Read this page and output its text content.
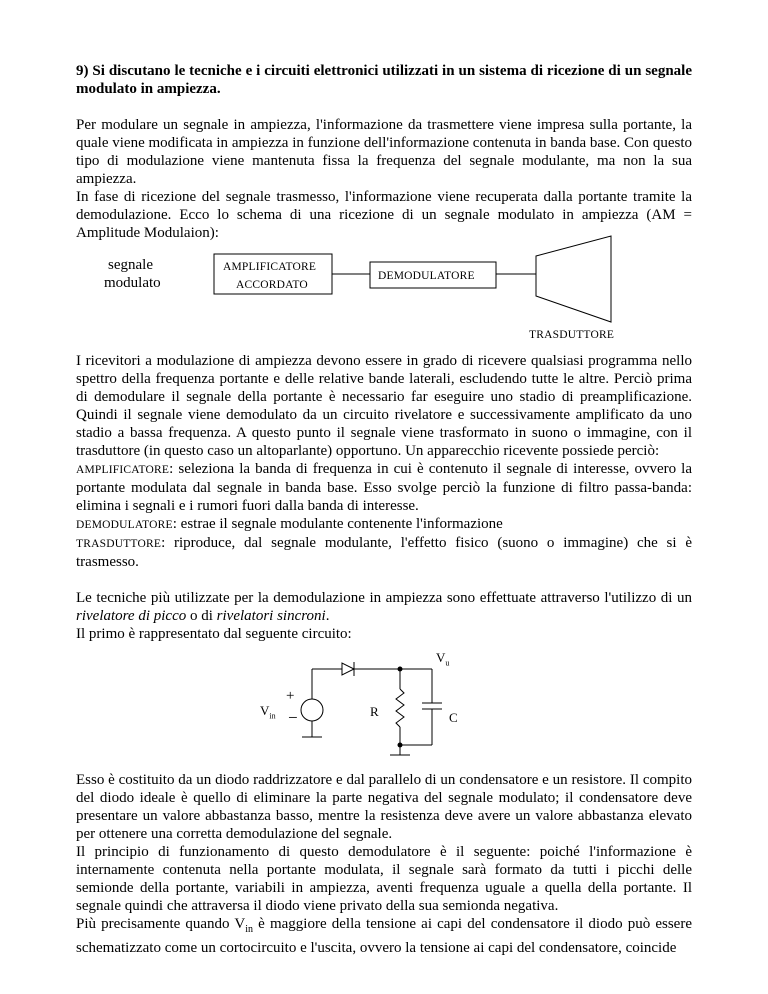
9) Si discutano le tecniche e i circuiti elettronici utilizzati in un sistema di ricezione di un segnale modulato in ampiezza.

Per modulare un segnale in ampiezza, l'informazione da trasmettere viene impresa sulla portante, la quale viene modificata in ampiezza in funzione dell'informazione contenuta in banda base. Con questo tipo di modulazione viene mantenuta fissa la frequenza del segnale modulante, ma non la sua ampiezza.

In fase di ricezione del segnale trasmesso, l'informazione viene recuperata dalla portante tramite la demodulazione. Ecco lo schema di una ricezione di un segnale modulato in ampiezza (AM = Amplitude Modulaion):

segnale
modulato
AMPLIFICATORE
ACCORDATO
DEMODULATORE
TRASDUTTORE

I ricevitori a modulazione di ampiezza devono essere in grado di ricevere qualsiasi programma nello spettro della frequenza portante e delle relative bande laterali, escludendo tutte le altre. Perciò prima di demodulare il segnale della portante è necessario far eseguire uno stadio di preamplificazione. Quindi il segnale viene demodulato da un circuito rivelatore e successivamente amplificato da uno stadio a bassa frequenza. A questo punto il segnale viene trasformato in suono o immagine, con il trasduttore (in questo caso un altoparlante) opportuno. Un apparecchio ricevente possiede perciò:

AMPLIFICATORE: seleziona la banda di frequenza in cui è contenuto il segnale di interesse, ovvero la portante modulata dal segnale in banda base. Esso svolge perciò la funzione di filtro passa-banda: elimina i segnali e i rumori fuori dalla banda di interesse.

DEMODULATORE: estrae il segnale modulante contenente l'informazione

TRASDUTTORE: riproduce, dal segnale modulante, l'effetto fisico (suono o immagine) che si è trasmesso.

Le tecniche più utilizzate per la demodulazione in ampiezza sono effettuate attraverso l'utilizzo di un rivelatore di picco o di rivelatori sincroni.

Il primo è rappresentato dal seguente circuito:

$V_{in}$
+
−	R	C
$V_u$

Esso è costituito da un diodo raddrizzatore e dal parallelo di un condensatore e un resistore. Il compito del diodo ideale è quello di eliminare la parte negativa del segnale modulato; il condensatore deve presentare un valore abbastanza basso, mentre la resistenza deve avere un valore abbastanza elevato per ottenere una corretta demodulazione del segnale.

Il principio di funzionamento di questo demodulatore è il seguente: poiché l'informazione è internamente contenuta nella portante modulata, il segnale sarà formato da tutti i picchi delle semionde della portante, variabili in ampiezza, aventi frequenza uguale a quella della portante. Il segnale quindi che attraversa il diodo viene privato della sua semionda negativa.

Più precisamente quando $V_{in}$ è maggiore della tensione ai capi del condensatore il diodo può essere schematizzato come un cortocircuito e l'uscita, ovvero la tensione ai capi del condensatore, coincide
